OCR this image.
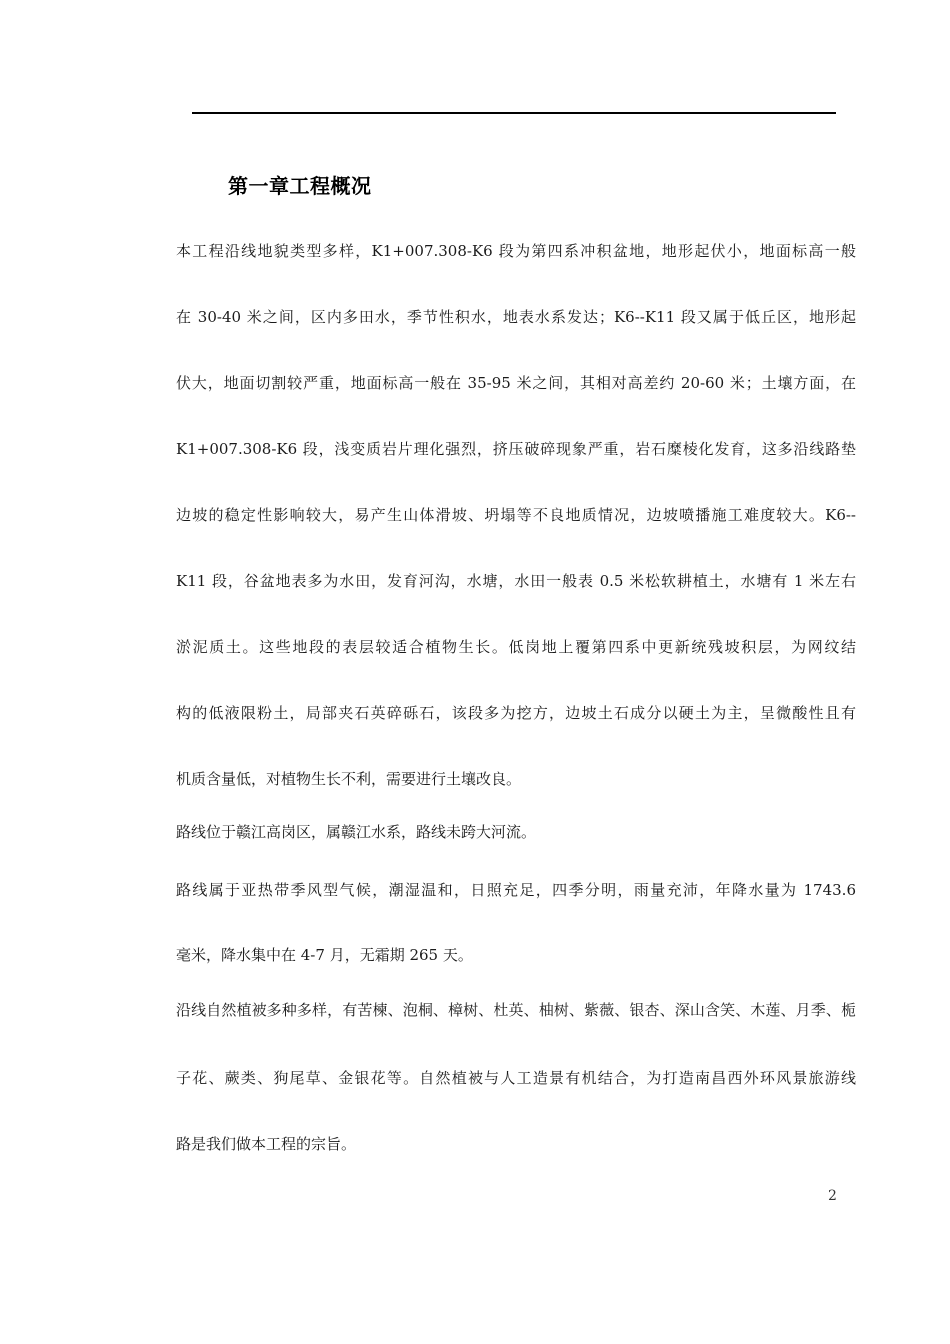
第一章工程概况
本工程沿线地貌类型多样，K1+007.308-K6 段为第四系冲积盆地，地形起伏小，地面标高一般
在 30-40 米之间，区内多田水，季节性积水，地表水系发达；K6--K11 段又属于低丘区，地形起
伏大，地面切割较严重，地面标高一般在 35-95 米之间，其相对高差约 20-60 米；土壤方面，在
K1+007.308-K6 段，浅变质岩片理化强烈，挤压破碎现象严重，岩石糜棱化发育，这多沿线路垫
边坡的稳定性影响较大，易产生山体滑坡、坍塌等不良地质情况，边坡喷播施工难度较大。K6--
K11 段，谷盆地表多为水田，发育河沟，水塘，水田一般表 0.5 米松软耕植土，水塘有 1 米左右
淤泥质土。这些地段的表层较适合植物生长。低岗地上覆第四系中更新统残坡积层，为网纹结
构的低液限粉土，局部夹石英碎砾石，该段多为挖方，边坡土石成分以硬土为主，呈微酸性且有
机质含量低，对植物生长不利，需要进行土壤改良。
路线位于赣江高岗区，属赣江水系，路线未跨大河流。
路线属于亚热带季风型气候，潮湿温和，日照充足，四季分明，雨量充沛，年降水量为 1743.6
毫米，降水集中在 4-7 月，无霜期 265 天。
沿线自然植被多种多样，有苦楝、泡桐、樟树、杜英、柚树、紫薇、银杏、深山含笑、木莲、月季、栀
子花、蕨类、狗尾草、金银花等。自然植被与人工造景有机结合，为打造南昌西外环风景旅游线
路是我们做本工程的宗旨。
2
